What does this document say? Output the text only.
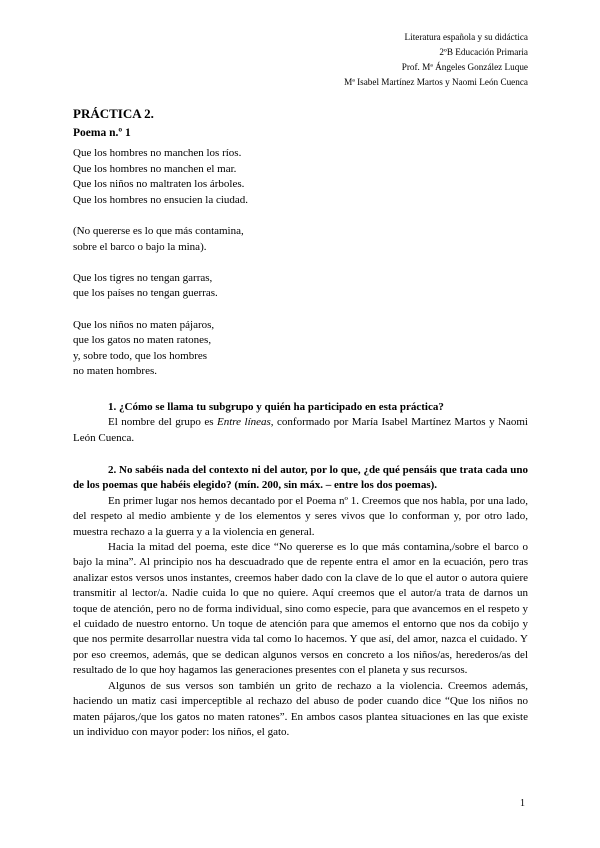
Literatura española y su didáctica
2ºB Educación Primaria
Prof. Mª Ángeles González Luque
Mª Isabel Martínez Martos y Naomi León Cuenca
PRÁCTICA 2.
Poema n.º 1
Que los hombres no manchen los ríos.
Que los hombres no manchen el mar.
Que los niños no maltraten los árboles.
Que los hombres no ensucien la ciudad.
(No quererse es lo que más contamina,
sobre el barco o bajo la mina).
Que los tigres no tengan garras,
que los países no tengan guerras.
Que los niños no maten pájaros,
que los gatos no maten ratones,
y, sobre todo, que los hombres
no maten hombres.

1. ¿Cómo se llama tu subgrupo y quién ha participado en esta práctica?

El nombre del grupo es Entre líneas, conformado por María Isabel Martínez Martos y Naomi León Cuenca.

2. No sabéis nada del contexto ni del autor, por lo que, ¿de qué pensáis que trata cada uno de los poemas que habéis elegido? (mín. 200, sin máx. – entre los dos poemas).

En primer lugar nos hemos decantado por el Poema nº 1. Creemos que nos habla, por una lado, del respeto al medio ambiente y de los elementos y seres vivos que lo conforman y, por otro lado, muestra rechazo a la guerra y a la violencia en general.

Hacia la mitad del poema, este dice “No quererse es lo que más contamina,/sobre el barco o bajo la mina”. Al principio nos ha descuadrado que de repente entra el amor en la ecuación, pero tras analizar estos versos unos instantes, creemos haber dado con la clave de lo que el autor o autora quiere transmitir al lector/a. Nadie cuida lo que no quiere. Aquí creemos que el autor/a trata de darnos un toque de atención, pero no de forma individual, sino como especie, para que avancemos en el respeto y el cuidado de nuestro entorno. Un toque de atención para que amemos el entorno que nos da cobijo y que nos permite desarrollar nuestra vida tal como lo hacemos. Y que así, del amor, nazca el cuidado. Y por eso creemos, además, que se dedican algunos versos en concreto a los niños/as, herederos/as del resultado de lo que hoy hagamos las generaciones presentes con el planeta y sus recursos.

Algunos de sus versos son también un grito de rechazo a la violencia. Creemos además, haciendo un matiz casi imperceptible al rechazo del abuso de poder cuando dice “Que los niños no maten pájaros,/que los gatos no maten ratones”. En ambos casos plantea situaciones en las que existe un individuo con mayor poder: los niños, el gato.

1
